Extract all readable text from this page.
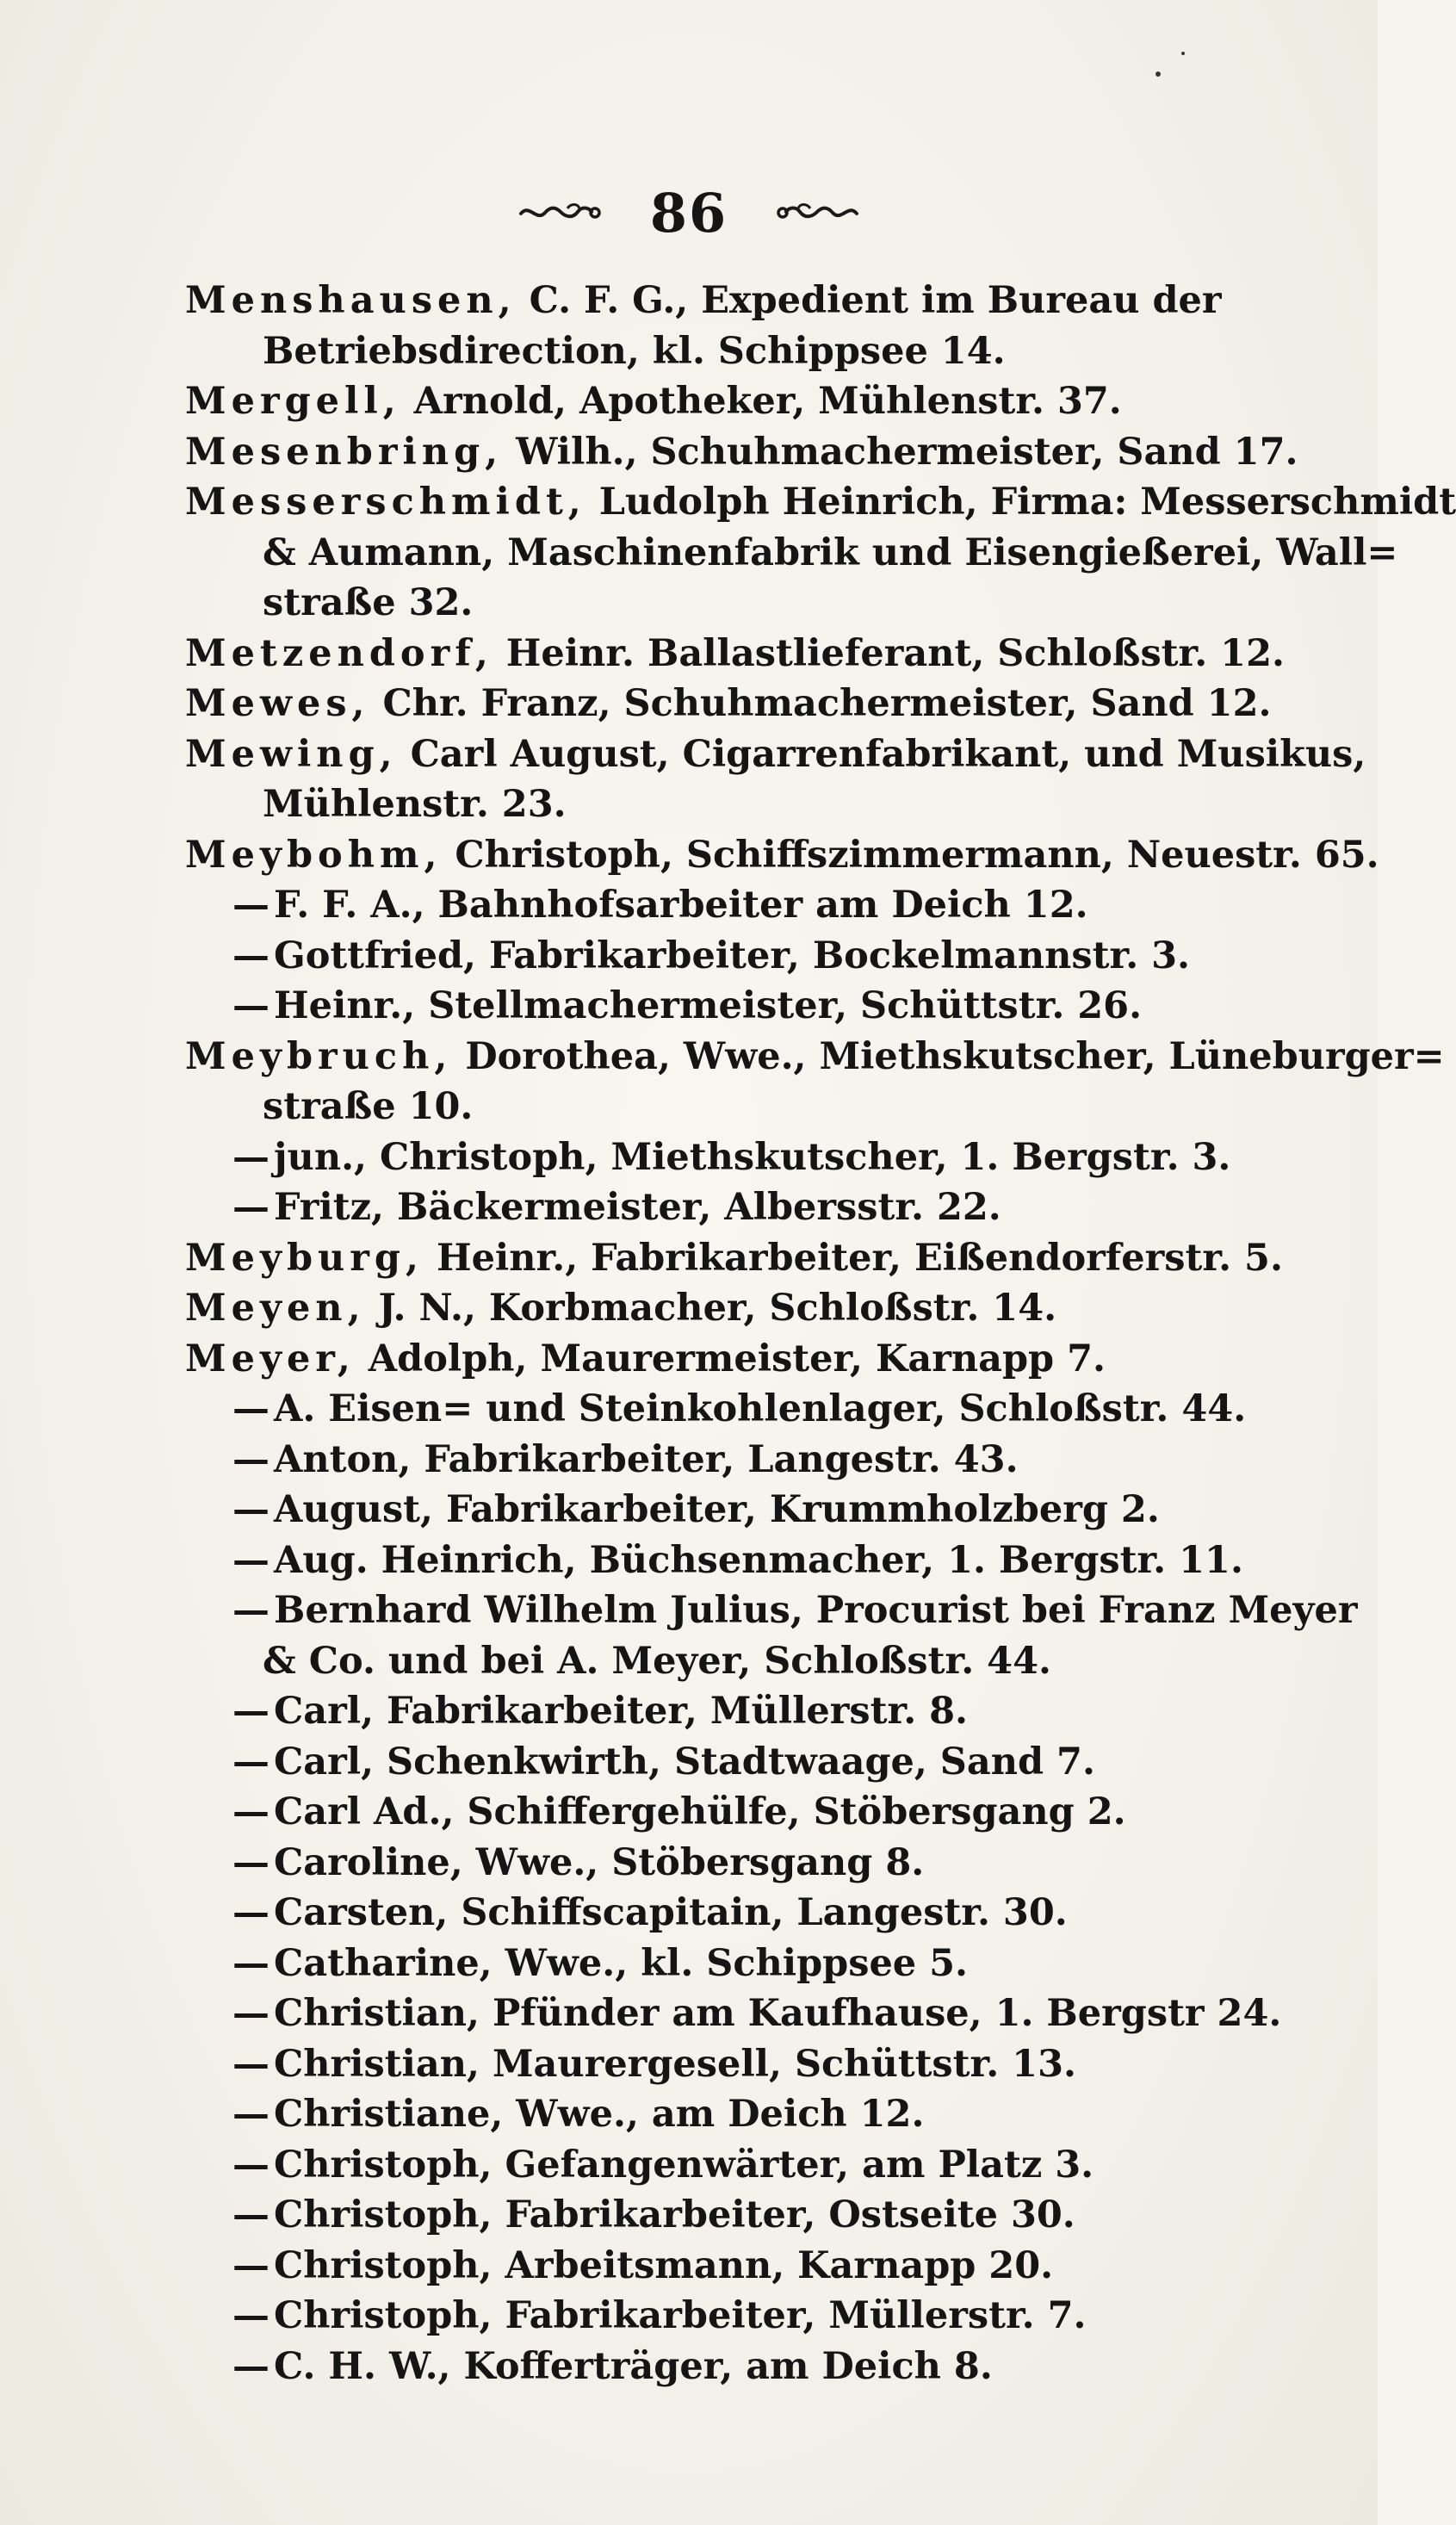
86
Menshausen, C. F. G., Expedient im Bureau der
Betriebsdirection, kl. Schippsee 14.
Mergell, Arnold, Apotheker, Mühlenstr. 37.
Mesenbring, Wilh., Schuhmachermeister, Sand 17.
Messerschmidt, Ludolph Heinrich, Firma: Messerschmidt
& Aumann, Maschinenfabrik und Eisengießerei, Wall=
straße 32.
Metzendorf, Heinr. Ballastlieferant, Schloßstr. 12.
Mewes, Chr. Franz, Schuhmachermeister, Sand 12.
Mewing, Carl August, Cigarrenfabrikant, und Musikus,
Mühlenstr. 23.
Meybohm, Christoph, Schiffszimmermann, Neuestr. 65.
— F. F. A., Bahnhofsarbeiter am Deich 12.
— Gottfried, Fabrikarbeiter, Bockelmannstr. 3.
— Heinr., Stellmachermeister, Schüttstr. 26.
Meybruch, Dorothea, Wwe., Miethskutscher, Lüneburger=
straße 10.
— jun., Christoph, Miethskutscher, 1. Bergstr. 3.
— Fritz, Bäckermeister, Albersstr. 22.
Meyburg, Heinr., Fabrikarbeiter, Eißendorferstr. 5.
Meyen, J. N., Korbmacher, Schloßstr. 14.
Meyer, Adolph, Maurermeister, Karnapp 7.
— A. Eisen= und Steinkohlenlager, Schloßstr. 44.
— Anton, Fabrikarbeiter, Langestr. 43.
— August, Fabrikarbeiter, Krummholzberg 2.
— Aug. Heinrich, Büchsenmacher, 1. Bergstr. 11.
— Bernhard Wilhelm Julius, Procurist bei Franz Meyer
& Co. und bei A. Meyer, Schloßstr. 44.
— Carl, Fabrikarbeiter, Müllerstr. 8.
— Carl, Schenkwirth, Stadtwaage, Sand 7.
— Carl Ad., Schiffergehülfe, Stöbersgang 2.
— Caroline, Wwe., Stöbersgang 8.
— Carsten, Schiffscapitain, Langestr. 30.
— Catharine, Wwe., kl. Schippsee 5.
— Christian, Pfünder am Kaufhause, 1. Bergstr 24.
— Christian, Maurergesell, Schüttstr. 13.
— Christiane, Wwe., am Deich 12.
— Christoph, Gefangenwärter, am Platz 3.
— Christoph, Fabrikarbeiter, Ostseite 30.
— Christoph, Arbeitsmann, Karnapp 20.
— Christoph, Fabrikarbeiter, Müllerstr. 7.
— C. H. W., Kofferträger, am Deich 8.
